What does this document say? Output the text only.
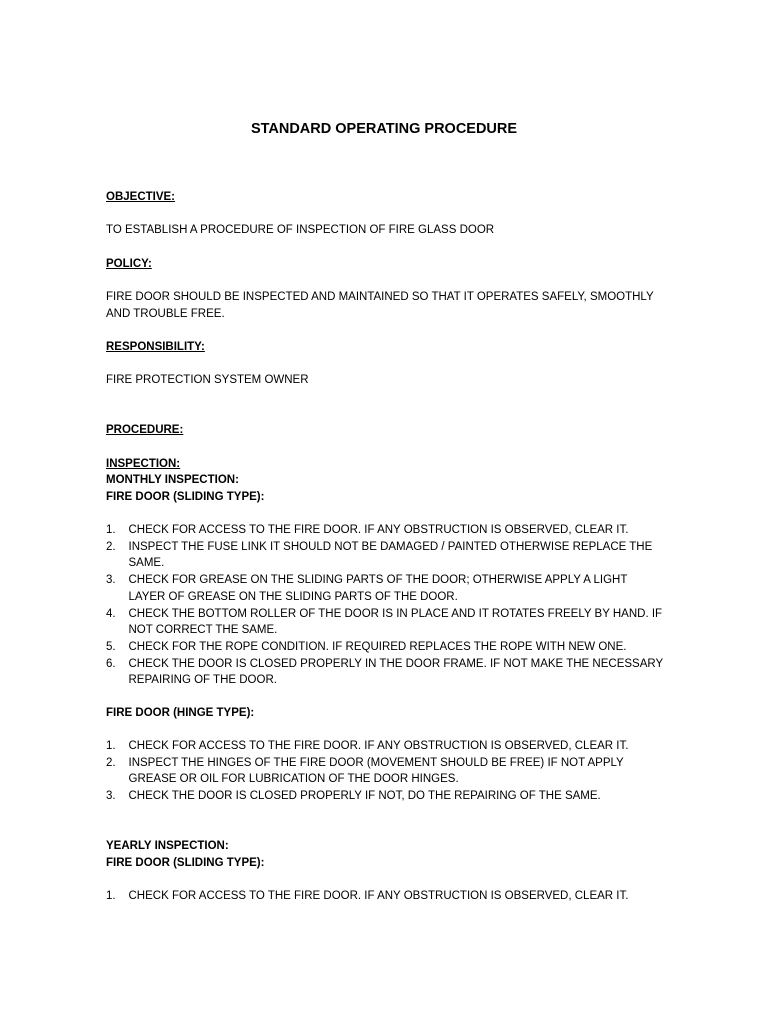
STANDARD OPERATING PROCEDURE

OBJECTIVE:

TO ESTABLISH A PROCEDURE OF INSPECTION OF FIRE GLASS DOOR

POLICY:

FIRE DOOR SHOULD BE INSPECTED AND MAINTAINED SO THAT IT OPERATES SAFELY, SMOOTHLY AND TROUBLE FREE.

RESPONSIBILITY:

FIRE PROTECTION SYSTEM OWNER

PROCEDURE:

INSPECTION:

MONTHLY INSPECTION:

FIRE DOOR (SLIDING TYPE):

1. CHECK FOR ACCESS TO THE FIRE DOOR. IF ANY OBSTRUCTION IS OBSERVED, CLEAR IT.
2. INSPECT THE FUSE LINK IT SHOULD NOT BE DAMAGED / PAINTED OTHERWISE REPLACE THE SAME.
3. CHECK FOR GREASE ON THE SLIDING PARTS OF THE DOOR; OTHERWISE APPLY A LIGHT LAYER OF GREASE ON THE SLIDING PARTS OF THE DOOR.
4. CHECK THE BOTTOM ROLLER OF THE DOOR IS IN PLACE AND IT ROTATES FREELY BY HAND. IF NOT CORRECT THE SAME.
5. CHECK FOR THE ROPE CONDITION. IF REQUIRED REPLACES THE ROPE WITH NEW ONE.
6. CHECK THE DOOR IS CLOSED PROPERLY IN THE DOOR FRAME. IF NOT MAKE THE NECESSARY REPAIRING OF THE DOOR.

FIRE DOOR (HINGE TYPE):

1. CHECK FOR ACCESS TO THE FIRE DOOR. IF ANY OBSTRUCTION IS OBSERVED, CLEAR IT.
2. INSPECT THE HINGES OF THE FIRE DOOR (MOVEMENT SHOULD BE FREE) IF NOT APPLY GREASE OR OIL FOR LUBRICATION OF THE DOOR HINGES.
3. CHECK THE DOOR IS CLOSED PROPERLY IF NOT, DO THE REPAIRING OF THE SAME.

YEARLY INSPECTION:

FIRE DOOR (SLIDING TYPE):

1. CHECK FOR ACCESS TO THE FIRE DOOR. IF ANY OBSTRUCTION IS OBSERVED, CLEAR IT.
